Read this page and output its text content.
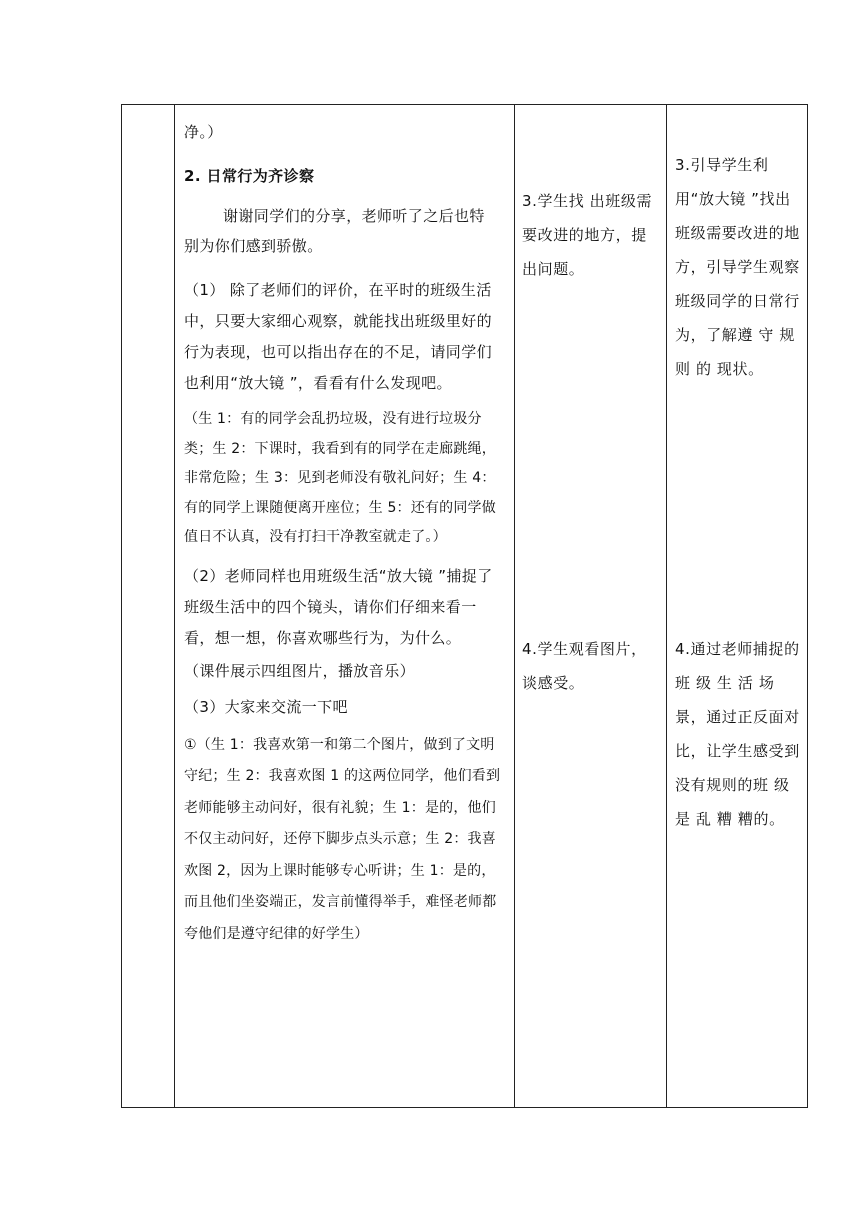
净。）

2. 日常行为齐诊察

谢谢同学们的分享，老师听了之后也特别为你们感到骄傲。

（1） 除了老师们的评价，在平时的班级生活中，只要大家细心观察，就能找出班级里好的行为表现，也可以指出存在的不足，请同学们也利用“放大镜 ”，看看有什么发现吧。

（生 1：有的同学会乱扔垃圾，没有进行垃圾分类；生 2：下课时，我看到有的同学在走廊跳绳，非常危险；生 3：见到老师没有敬礼问好；生 4：有的同学上课随便离开座位；生 5：还有的同学做值日不认真，没有打扫干净教室就走了。）

（2）老师同样也用班级生活“放大镜 ”捕捉了班级生活中的四个镜头，请你们仔细来看一看，想一想，你喜欢哪些行为，为什么。

（课件展示四组图片，播放音乐）

（3）大家来交流一下吧

①（生 1：我喜欢第一和第二个图片，做到了文明守纪；生 2：我喜欢图 1 的这两位同学，他们看到老师能够主动问好，很有礼貌；生 1：是的，他们不仅主动问好，还停下脚步点头示意；生 2：我喜欢图 2，因为上课时能够专心听讲；生 1：是的，而且他们坐姿端正，发言前懂得举手，难怪老师都夸他们是遵守纪律的好学生）

3.学生找 出班级需要改进的地方，提出问题。

4.学生观看图片，谈感受。

3.引导学生利用“放大镜 ”找出班级需要改进的地方，引导学生观察班级同学的日常行为，了解遵 守 规 则 的 现状。

4.通过老师捕捉的 班 级 生 活 场景，通过正反面对比，让学生感受到没有规则的班 级 是 乱 糟 糟的。
